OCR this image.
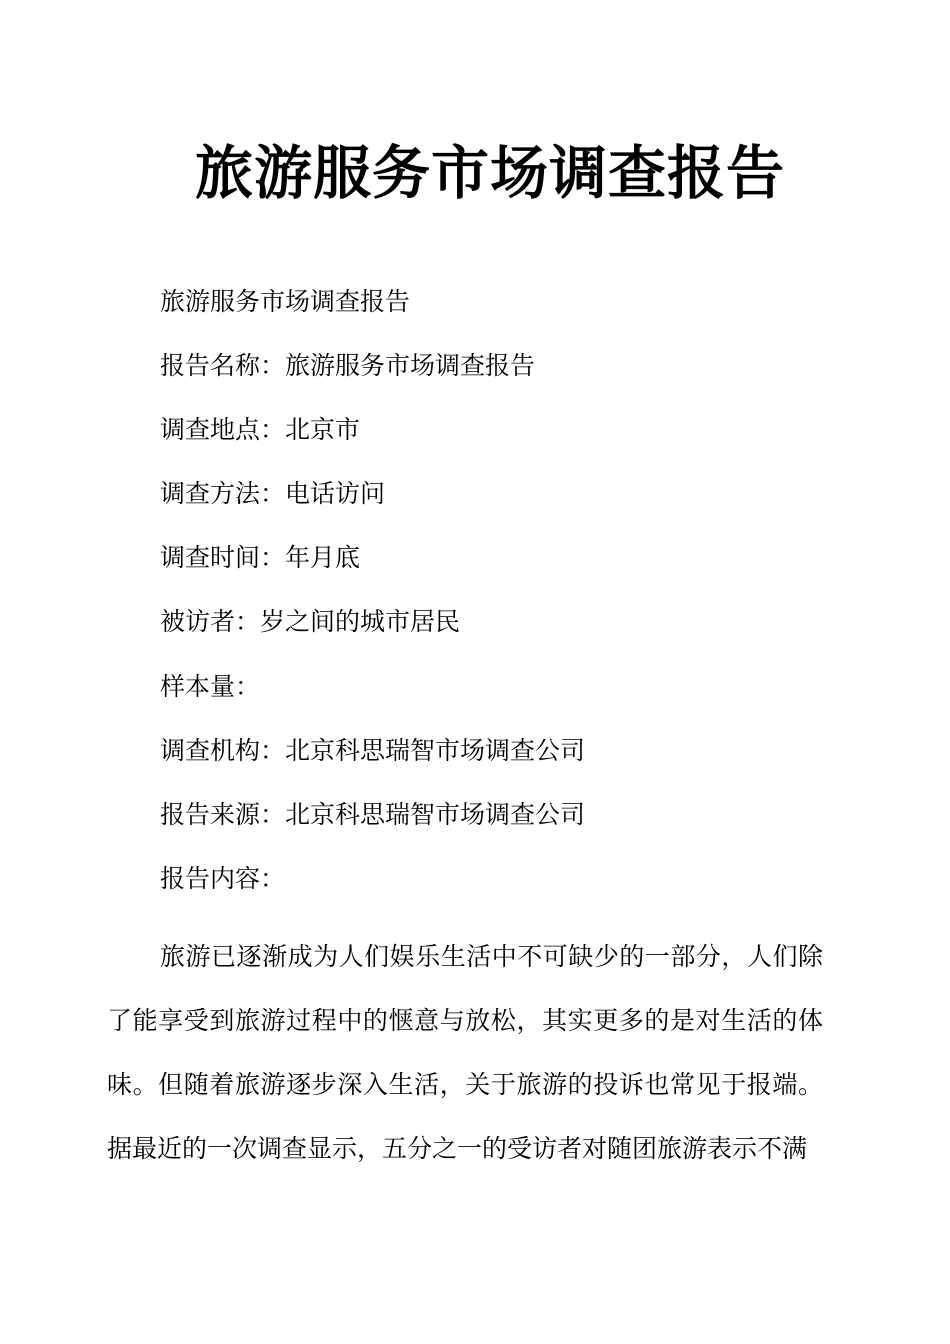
旅游服务市场调查报告
旅游服务市场调查报告
报告名称：旅游服务市场调查报告
调查地点：北京市
调查方法：电话访问
调查时间：年月底
被访者：岁之间的城市居民
样本量：
调查机构：北京科思瑞智市场调查公司
报告来源：北京科思瑞智市场调查公司
报告内容：

旅游已逐渐成为人们娱乐生活中不可缺少的一部分，人们除了能享受到旅游过程中的惬意与放松，其实更多的是对生活的体味。但随着旅游逐步深入生活，关于旅游的投诉也常见于报端。据最近的一次调查显示，五分之一的受访者对随团旅游表示不满
